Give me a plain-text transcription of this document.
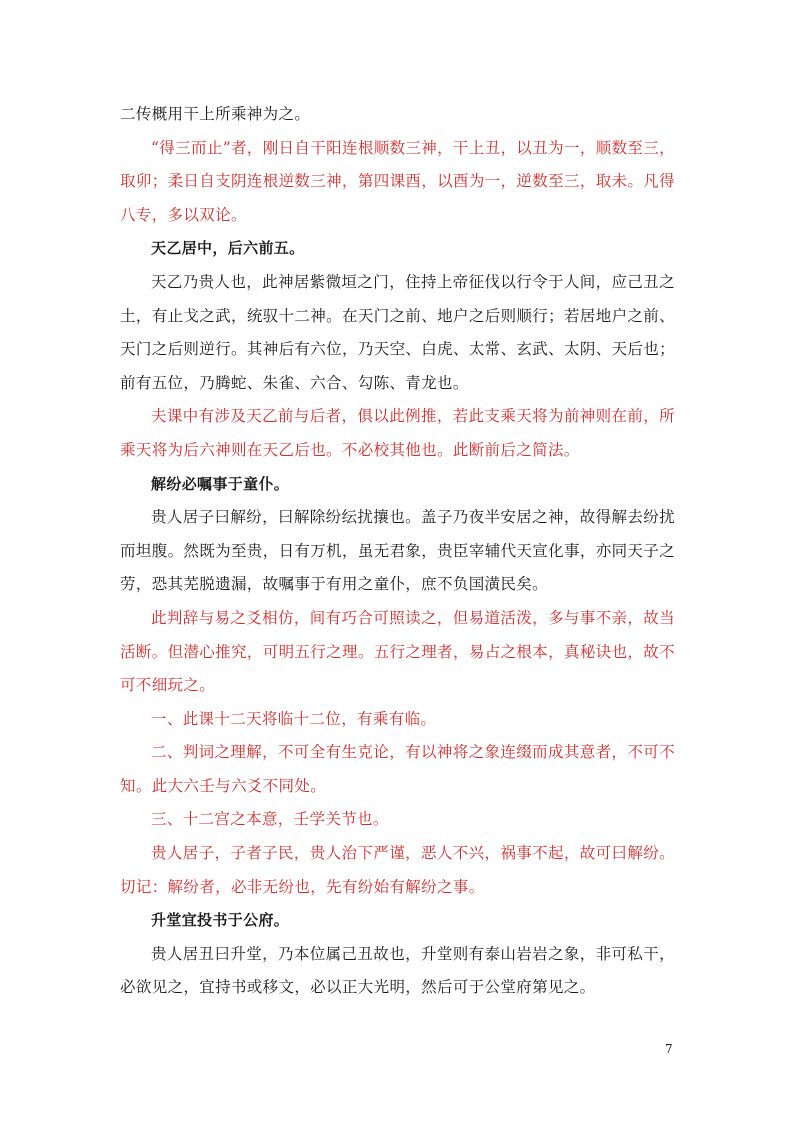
二传概用干上所乘神为之。

“得三而止”者，刚日自干阳连根顺数三神，干上丑，以丑为一，顺数至三，取卯；柔日自支阴连根逆数三神，第四课酉，以酉为一，逆数至三，取未。凡得八专，多以双论。

天乙居中，后六前五。

天乙乃贵人也，此神居紫微垣之门，住持上帝征伐以行令于人间，应己丑之土，有止戈之武，统驭十二神。在天门之前、地户之后则顺行；若居地户之前、天门之后则逆行。其神后有六位，乃天空、白虎、太常、玄武、太阴、天后也；前有五位，乃腾蛇、朱雀、六合、勾陈、青龙也。

夫课中有涉及天乙前与后者，俱以此例推，若此支乘天将为前神则在前，所乘天将为后六神则在天乙后也。不必校其他也。此断前后之简法。

解纷必嘱事于童仆。

贵人居子曰解纷，曰解除纷纭扰攘也。盖子乃夜半安居之神，故得解去纷扰而坦腹。然既为至贵，日有万机，虽无君象，贵臣宰辅代天宣化事，亦同天子之劳，恐其芜脱遗漏，故嘱事于有用之童仆，庶不负国潢民矣。

此判辞与易之爻相仿，间有巧合可照读之，但易道活泼，多与事不亲，故当活断。但潜心推究，可明五行之理。五行之理者，易占之根本，真秘诀也，故不可不细玩之。

一、此课十二天将临十二位，有乘有临。

二、判词之理解，不可全有生克论，有以神将之象连缀而成其意者，不可不知。此大六壬与六爻不同处。

三、十二宫之本意，壬学关节也。

贵人居子，子者子民，贵人治下严谨，恶人不兴，祸事不起，故可曰解纷。切记：解纷者，必非无纷也，先有纷始有解纷之事。

升堂宜投书于公府。

贵人居丑曰升堂，乃本位属己丑故也，升堂则有泰山岩岩之象，非可私干，必欲见之，宜持书或移文，必以正大光明，然后可于公堂府第见之。

7
